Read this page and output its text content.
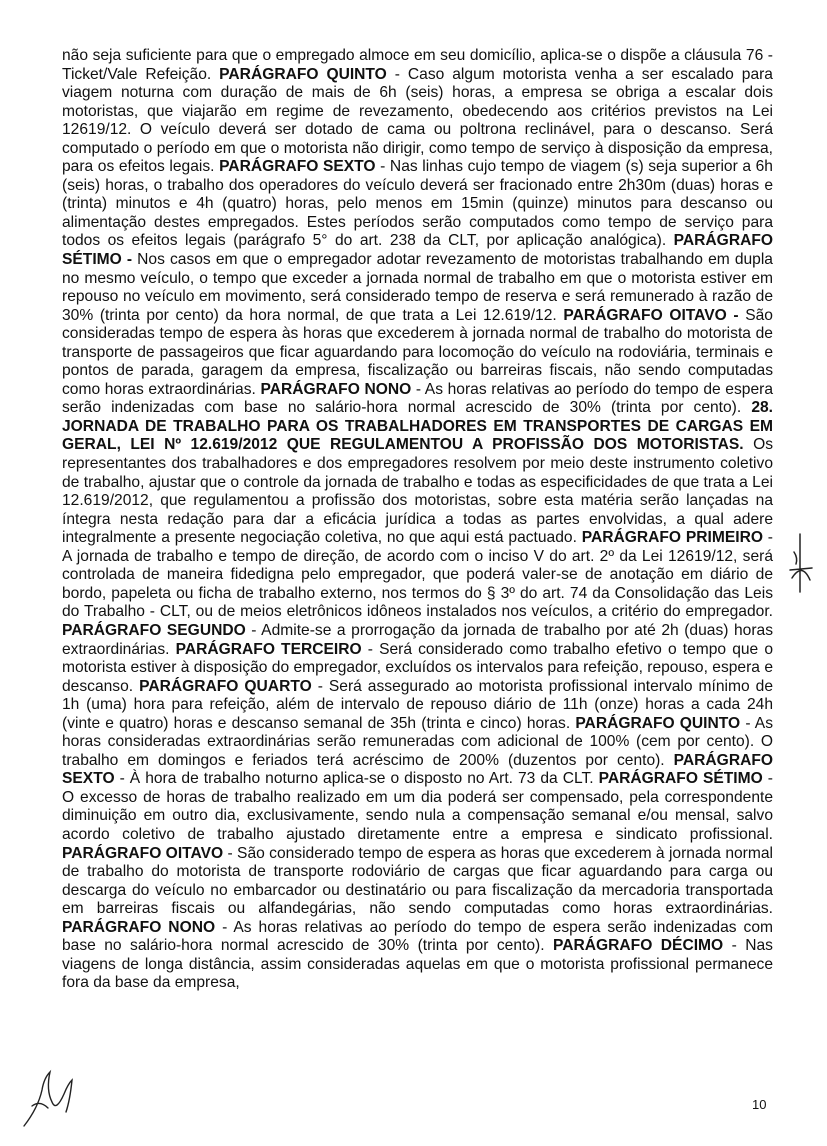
não seja suficiente para que o empregado almoce em seu domicílio, aplica-se o dispõe a cláusula 76 - Ticket/Vale Refeição. PARÁGRAFO QUINTO - Caso algum motorista venha a ser escalado para viagem noturna com duração de mais de 6h (seis) horas, a empresa se obriga a escalar dois motoristas, que viajarão em regime de revezamento, obedecendo aos critérios previstos na Lei 12619/12. O veículo deverá ser dotado de cama ou poltrona reclinável, para o descanso. Será computado o período em que o motorista não dirigir, como tempo de serviço à disposição da empresa, para os efeitos legais. PARÁGRAFO SEXTO - Nas linhas cujo tempo de viagem (s) seja superior a 6h (seis) horas, o trabalho dos operadores do veículo deverá ser fracionado entre 2h30m (duas) horas e (trinta) minutos e 4h (quatro) horas, pelo menos em 15min (quinze) minutos para descanso ou alimentação destes empregados. Estes períodos serão computados como tempo de serviço para todos os efeitos legais (parágrafo 5° do art. 238 da CLT, por aplicação analógica). PARÁGRAFO SÉTIMO - Nos casos em que o empregador adotar revezamento de motoristas trabalhando em dupla no mesmo veículo, o tempo que exceder a jornada normal de trabalho em que o motorista estiver em repouso no veículo em movimento, será considerado tempo de reserva e será remunerado à razão de 30% (trinta por cento) da hora normal, de que trata a Lei 12.619/12. PARÁGRAFO OITAVO - São consideradas tempo de espera às horas que excederem à jornada normal de trabalho do motorista de transporte de passageiros que ficar aguardando para locomoção do veículo na rodoviária, terminais e pontos de parada, garagem da empresa, fiscalização ou barreiras fiscais, não sendo computadas como horas extraordinárias. PARÁGRAFO NONO - As horas relativas ao período do tempo de espera serão indenizadas com base no salário-hora normal acrescido de 30% (trinta por cento). 28. JORNADA DE TRABALHO PARA OS TRABALHADORES EM TRANSPORTES DE CARGAS EM GERAL, LEI Nº 12.619/2012 QUE REGULAMENTOU A PROFISSÃO DOS MOTORISTAS. Os representantes dos trabalhadores e dos empregadores resolvem por meio deste instrumento coletivo de trabalho, ajustar que o controle da jornada de trabalho e todas as especificidades de que trata a Lei 12.619/2012, que regulamentou a profissão dos motoristas, sobre esta matéria serão lançadas na íntegra nesta redação para dar a eficácia jurídica a todas as partes envolvidas, a qual adere integralmente a presente negociação coletiva, no que aqui está pactuado. PARÁGRAFO PRIMEIRO - A jornada de trabalho e tempo de direção, de acordo com o inciso V do art. 2º da Lei 12619/12, será controlada de maneira fidedigna pelo empregador, que poderá valer-se de anotação em diário de bordo, papeleta ou ficha de trabalho externo, nos termos do § 3º do art. 74 da Consolidação das Leis do Trabalho - CLT, ou de meios eletrônicos idôneos instalados nos veículos, a critério do empregador. PARÁGRAFO SEGUNDO - Admite-se a prorrogação da jornada de trabalho por até 2h (duas) horas extraordinárias. PARÁGRAFO TERCEIRO - Será considerado como trabalho efetivo o tempo que o motorista estiver à disposição do empregador, excluídos os intervalos para refeição, repouso, espera e descanso. PARÁGRAFO QUARTO - Será assegurado ao motorista profissional intervalo mínimo de 1h (uma) hora para refeição, além de intervalo de repouso diário de 11h (onze) horas a cada 24h (vinte e quatro) horas e descanso semanal de 35h (trinta e cinco) horas. PARÁGRAFO QUINTO - As horas consideradas extraordinárias serão remuneradas com adicional de 100% (cem por cento). O trabalho em domingos e feriados terá acréscimo de 200% (duzentos por cento). PARÁGRAFO SEXTO - À hora de trabalho noturno aplica-se o disposto no Art. 73 da CLT. PARÁGRAFO SÉTIMO - O excesso de horas de trabalho realizado em um dia poderá ser compensado, pela correspondente diminuição em outro dia, exclusivamente, sendo nula a compensação semanal e/ou mensal, salvo acordo coletivo de trabalho ajustado diretamente entre a empresa e sindicato profissional. PARÁGRAFO OITAVO - São considerado tempo de espera as horas que excederem à jornada normal de trabalho do motorista de transporte rodoviário de cargas que ficar aguardando para carga ou descarga do veículo no embarcador ou destinatário ou para fiscalização da mercadoria transportada em barreiras fiscais ou alfandegárias, não sendo computadas como horas extraordinárias. PARÁGRAFO NONO - As horas relativas ao período do tempo de espera serão indenizadas com base no salário-hora normal acrescido de 30% (trinta por cento). PARÁGRAFO DÉCIMO - Nas viagens de longa distância, assim consideradas aquelas em que o motorista profissional permanece fora da base da empresa,
10
